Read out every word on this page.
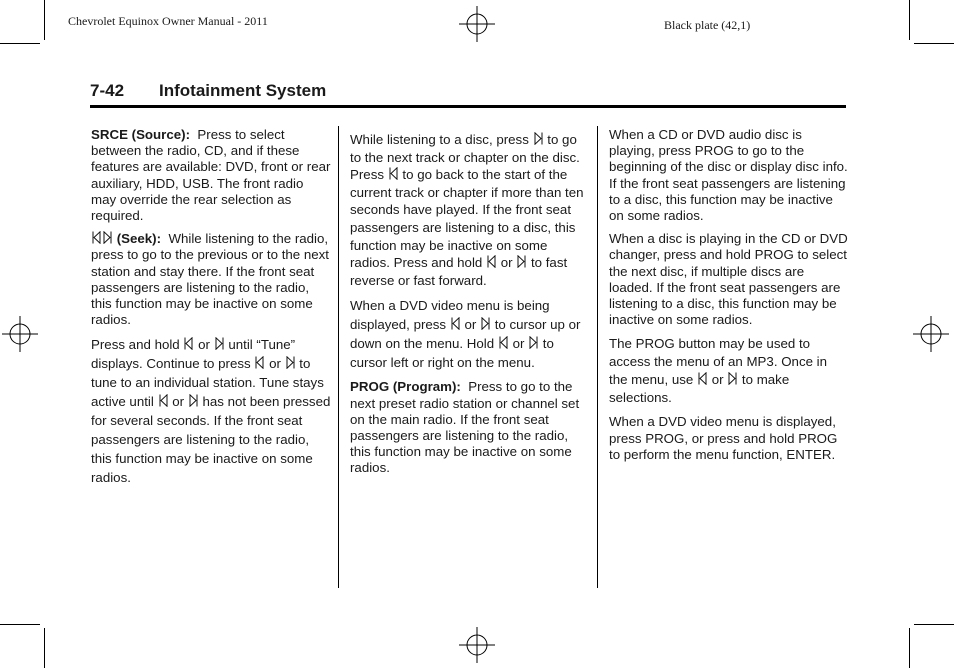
Chevrolet Equinox Owner Manual - 2011	Black plate (42,1)
7-42 Infotainment System

SRCE (Source): Press to select between the radio, CD, and if these features are available: DVD, front or rear auxiliary, HDD, USB. The front radio may override the rear selection as required.

(Seek): While listening to the radio, press to go to the previous or to the next station and stay there. If the front seat passengers are listening to the radio, this function may be inactive on some radios.

Press and hold or until “Tune” displays. Continue to press or to tune to an individual station. Tune stays active until or has not been pressed for several seconds. If the front seat passengers are listening to the radio, this function may be inactive on some radios.

While listening to a disc, press to go to the next track or chapter on the disc. Press to go back to the start of the current track or chapter if more than ten seconds have played. If the front seat passengers are listening to a disc, this function may be inactive on some radios. Press and hold or to fast reverse or fast forward.

When a DVD video menu is being displayed, press or to cursor up or down on the menu. Hold or to cursor left or right on the menu.

PROG (Program): Press to go to the next preset radio station or channel set on the main radio. If the front seat passengers are listening to the radio, this function may be inactive on some radios.

When a CD or DVD audio disc is playing, press PROG to go to the beginning of the disc or display disc info. If the front seat passengers are listening to a disc, this function may be inactive on some radios.

When a disc is playing in the CD or DVD changer, press and hold PROG to select the next disc, if multiple discs are loaded. If the front seat passengers are listening to a disc, this function may be inactive on some radios.

The PROG button may be used to access the menu of an MP3. Once in the menu, use or to make selections.

When a DVD video menu is displayed, press PROG, or press and hold PROG to perform the menu function, ENTER.
